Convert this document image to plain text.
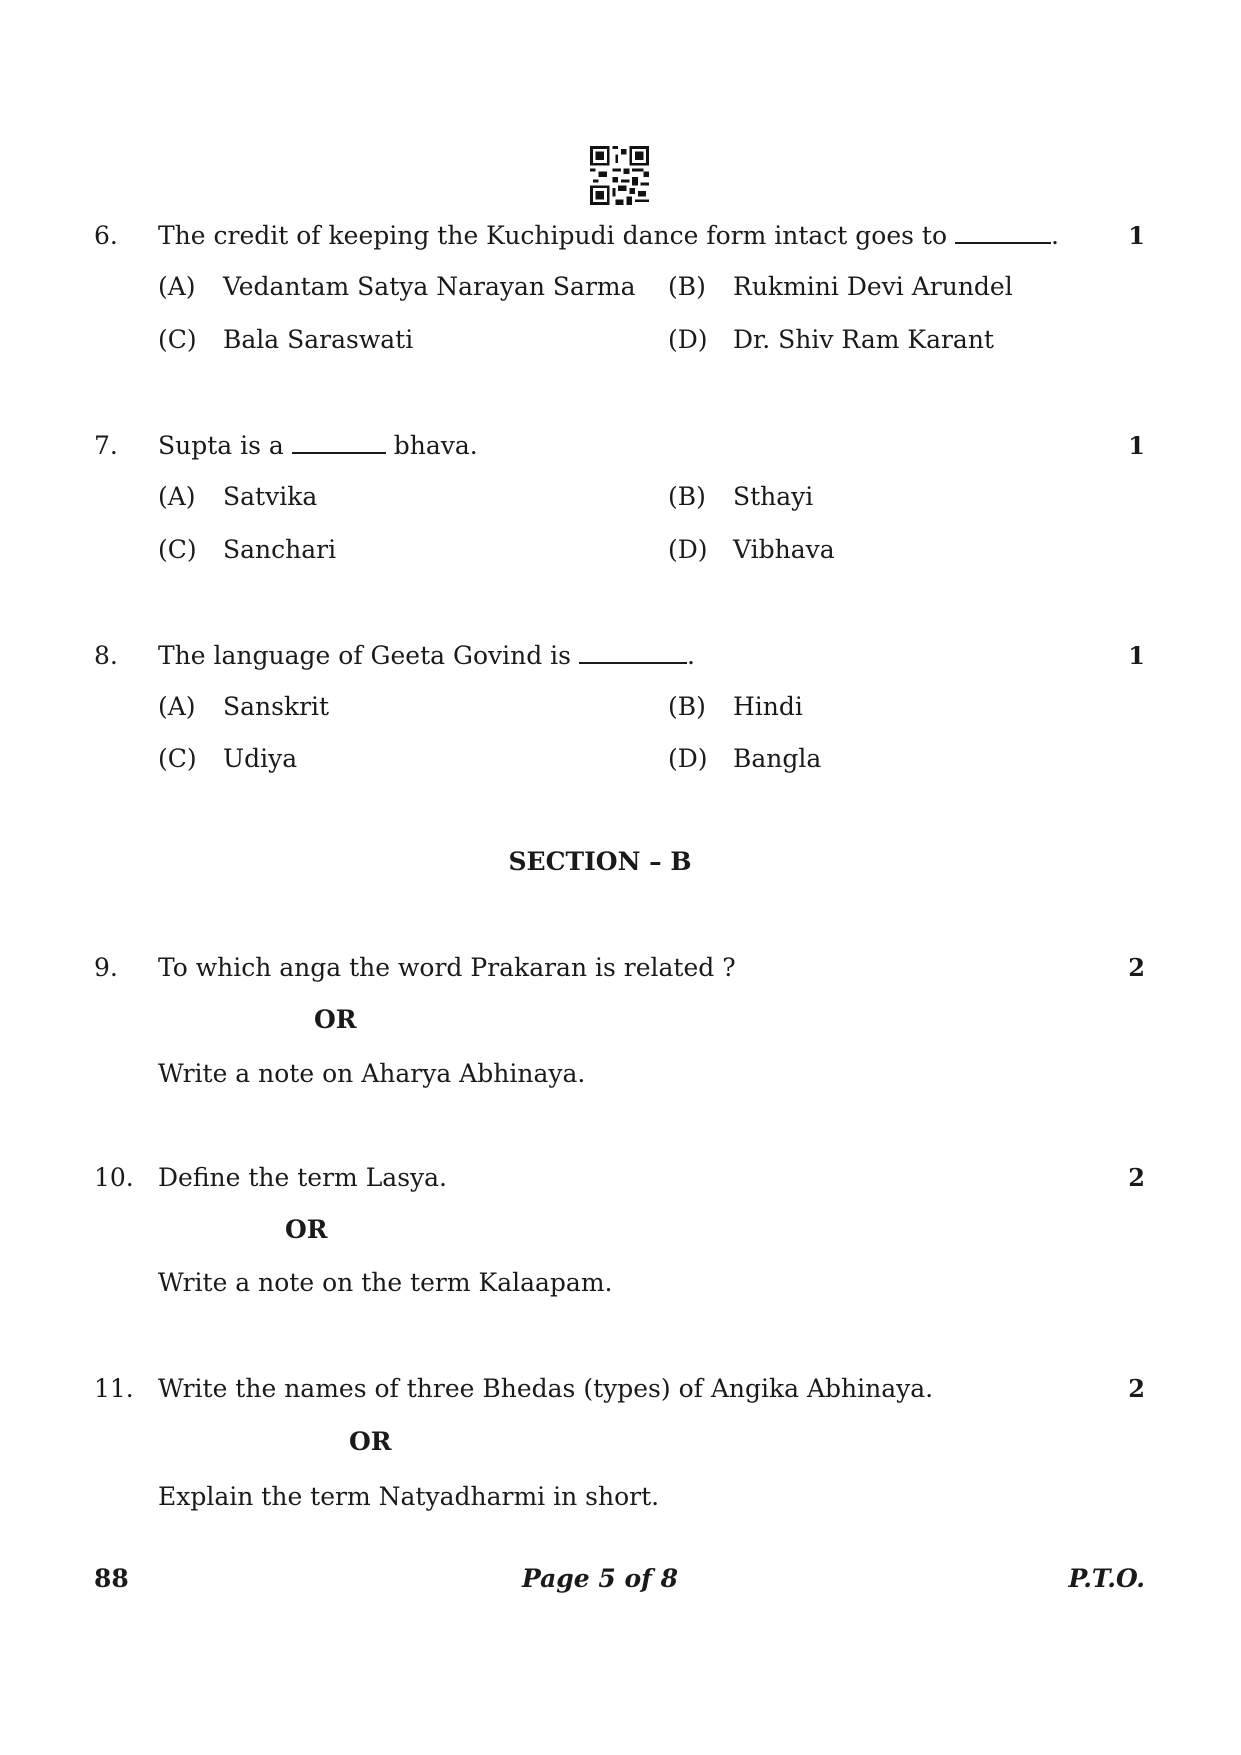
6. The credit of keeping the Kuchipudi dance form intact goes to	.	1
(A) Vedantam Satya Narayan Sarma (B) Rukmini Devi Arundel
(C) Bala Saraswati	(D) Dr. Shiv Ram Karant
7. Supta is a	bhava.	1
(A) Satvika	(B) Sthayi
(C) Sanchari	(D) Vibhava
8. The language of Geeta Govind is	.	1
(A) Sanskrit	(B) Hindi
(C) Udiya	(D) Bangla
SECTION – B
9. To which anga the word Prakaran is related ?	2
OR
Write a note on Aharya Abhinaya.
10. Define the term Lasya.	2
OR
Write a note on the term Kalaapam.
11. Write the names of three Bhedas (types) of Angika Abhinaya.	2
OR
Explain the term Natyadharmi in short.
88	Page 5 of 8	P.T.O.
